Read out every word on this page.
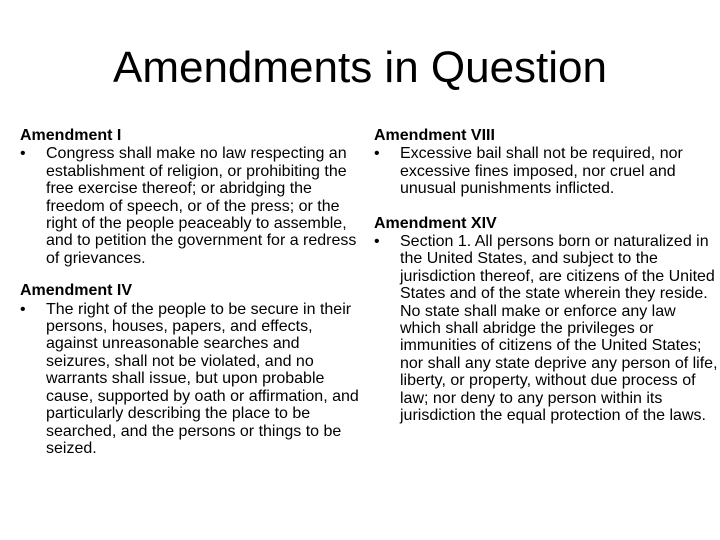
Amendments in Question
Amendment I
•	Congress shall make no law respecting an establishment of religion, or prohibiting the free exercise thereof; or abridging the freedom of speech, or of the press; or the right of the people peaceably to assemble, and to petition the government for a redress of grievances.
Amendment IV
•	The right of the people to be secure in their persons, houses, papers, and effects, against unreasonable searches and seizures, shall not be violated, and no warrants shall issue, but upon probable cause, supported by oath or affirmation, and particularly describing the place to be searched, and the persons or things to be seized.
Amendment VIII
•	Excessive bail shall not be required, nor excessive fines imposed, nor cruel and unusual punishments inflicted.
Amendment XIV
•	Section 1. All persons born or naturalized in the United States, and subject to the jurisdiction thereof, are citizens of the United States and of the state wherein they reside. No state shall make or enforce any law which shall abridge the privileges or immunities of citizens of the United States; nor shall any state deprive any person of life, liberty, or property, without due process of law; nor deny to any person within its jurisdiction the equal protection of the laws.
